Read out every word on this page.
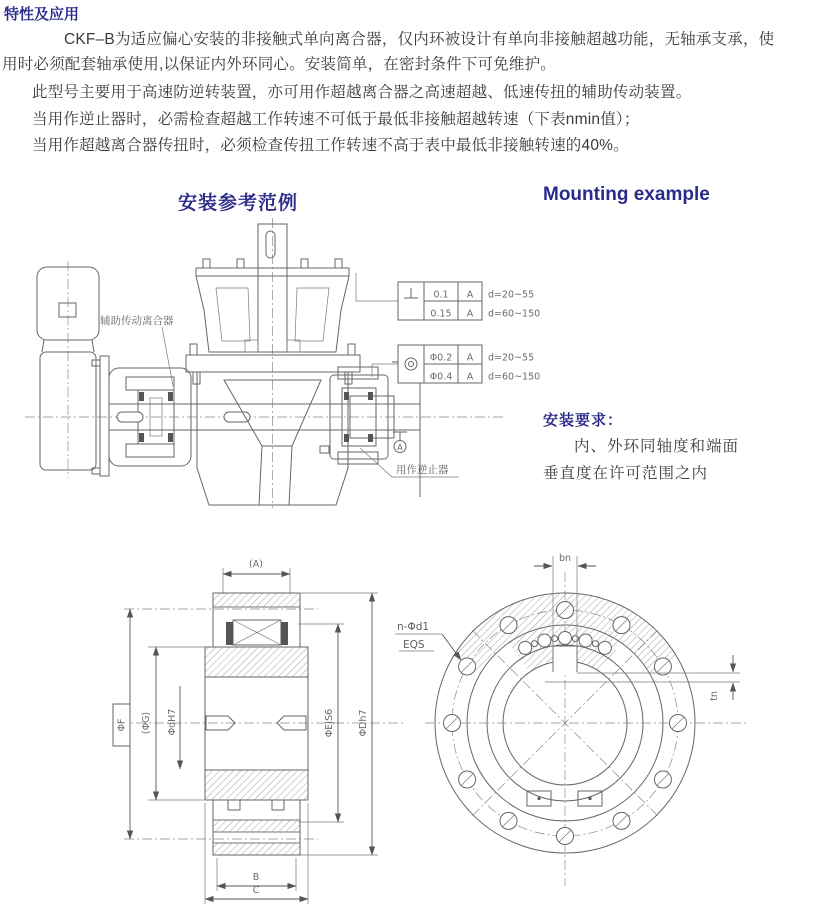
特性及应用
CKF–B为适应偏心安装的非接触式单向离合器，仅内环被设计有单向非接触超越功能，无轴承支承，使
用时必须配套轴承使用,以保证内外环同心。安装简单，在密封条件下可免维护。
此型号主要用于高速防逆转装置，亦可用作超越离合器之高速超越、低速传扭的辅助传动装置。
当用作逆止器时，必需检查超越工作转速不可低于最低非接触超越转速（下表nmin值）；
当用作超越离合器传扭时，必须检查传扭工作转速不高于表中最低非接触转速的40%。
安装参考范例	Mounting example
安装要求：
内、外环同轴度和端面
垂直度在许可范围之内
0.1 A
0.15 A
d=20~55
d=60~150
Φ0.2 A
Φ0.4 A
d=20~55
d=60~150
A
辅助传动离合器
用作逆止器
(A)
B
C
ΦF (ΦG) ΦdH7	ΦEJS6 ΦDh7
bn
tn
n-Φd1
EQS
